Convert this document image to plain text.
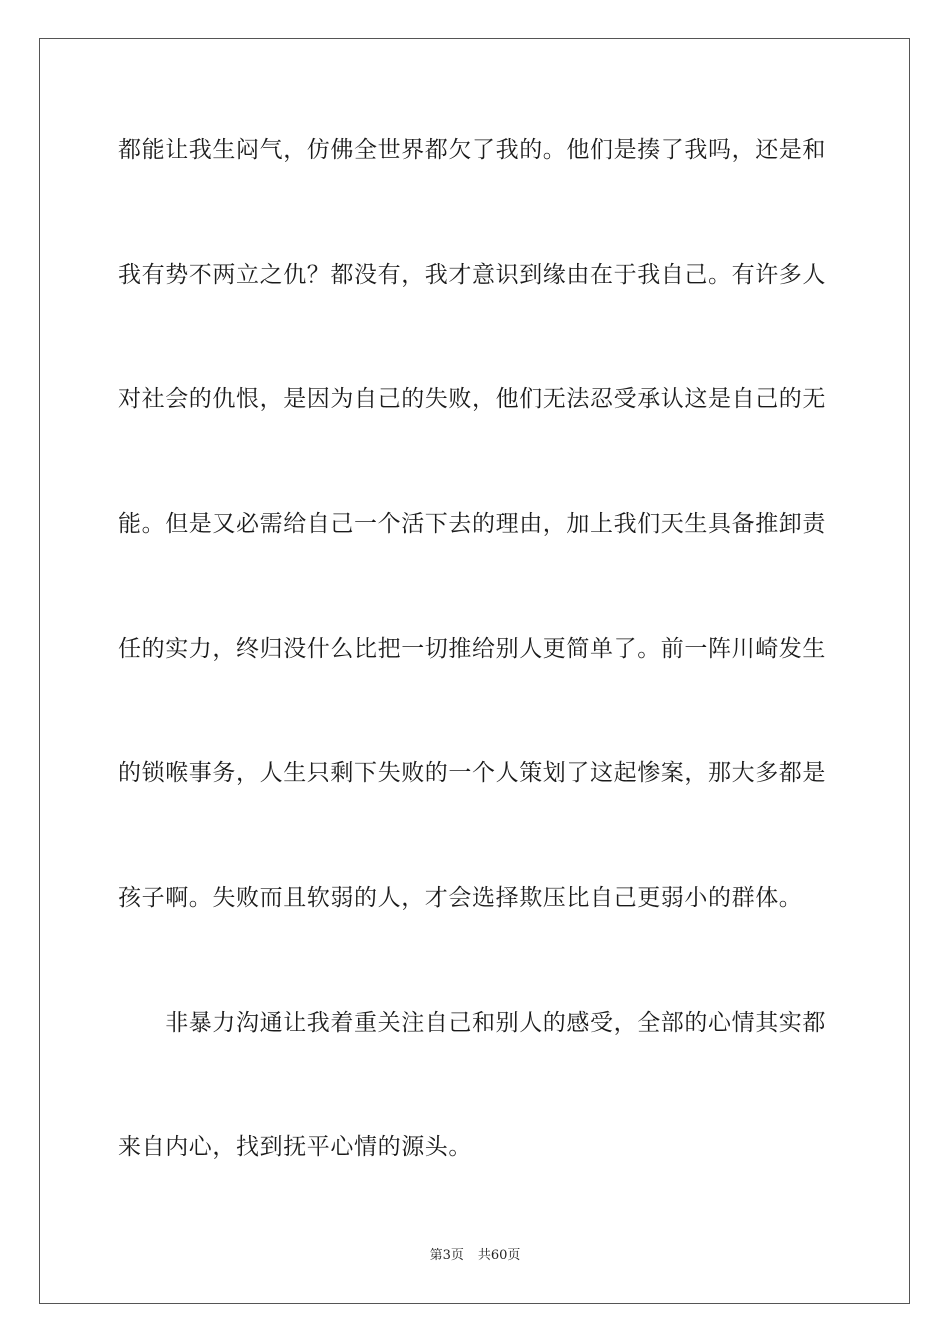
都能让我生闷气，仿佛全世界都欠了我的。他们是揍了我吗，还是和
我有势不两立之仇？都没有，我才意识到缘由在于我自己。有许多人
对社会的仇恨，是因为自己的失败，他们无法忍受承认这是自己的无
能。但是又必需给自己一个活下去的理由，加上我们天生具备推卸责
任的实力，终归没什么比把一切推给别人更简单了。前一阵川崎发生
的锁喉事务，人生只剩下失败的一个人策划了这起惨案，那大多都是
孩子啊。失败而且软弱的人，才会选择欺压比自己更弱小的群体。
　　非暴力沟通让我着重关注自己和别人的感受，全部的心情其实都
来自内心，找到抚平心情的源头。
第3页 共60页
